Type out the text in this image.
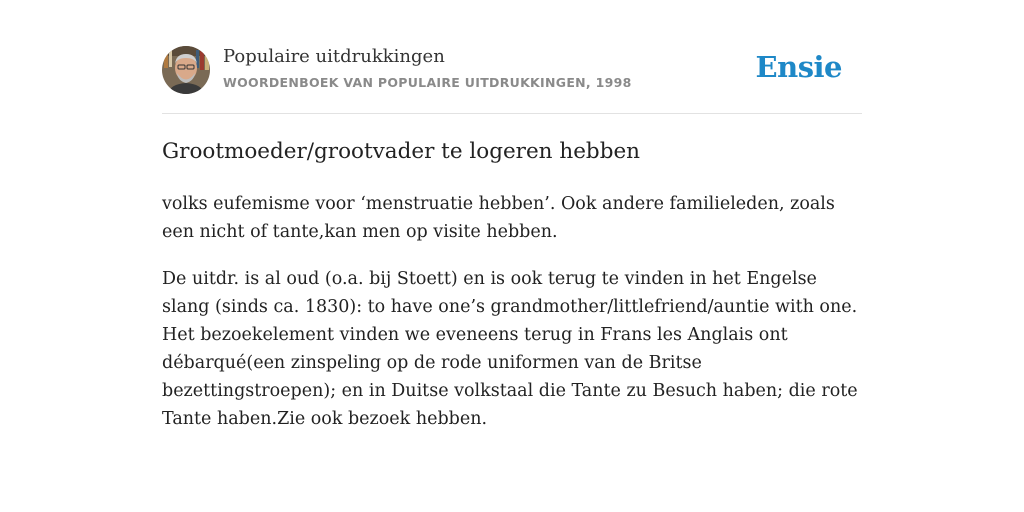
Populaire uitdrukkingen
WOORDENBOEK VAN POPULAIRE UITDRUKKINGEN, 1998	Ensie
Grootmoeder/grootvader te logeren hebben

volks eufemisme voor ‘menstruatie hebben’. Ook andere familieleden, zoals een nicht of tante,kan men op visite hebben.

De uitdr. is al oud (o.a. bij Stoett) en is ook terug te vinden in het Engelse slang (sinds ca. 1830): to have one’s grandmother/littlefriend/auntie with one. Het bezoekelement vinden we eveneens terug in Frans les Anglais ont débarqué(een zinspeling op de rode uniformen van de Britse bezettingstroepen); en in Duitse volkstaal die Tante zu Besuch haben; die rote Tante haben.Zie ook bezoek hebben.
